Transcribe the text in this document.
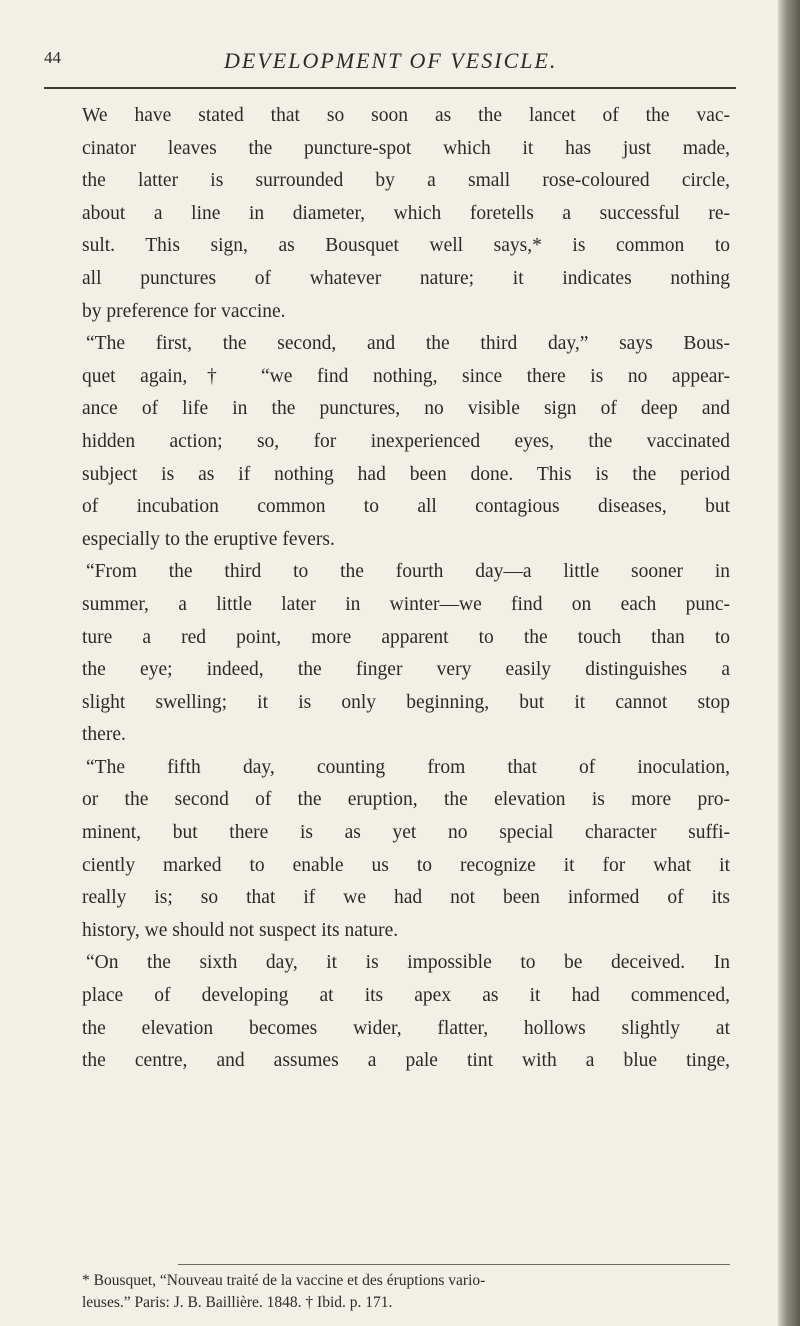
44	DEVELOPMENT OF VESICLE.
We have stated that so soon as the lancet of the vac-
cinator leaves the puncture-spot which it has just made,
the latter is surrounded by a small rose-coloured circle,
about a line in diameter, which foretells a successful re-
sult. This sign, as Bousquet well says,* is common to
all punctures of whatever nature; it indicates nothing
by preference for vaccine.
“The first, the second, and the third day,” says Bous-
quet again,† “we find nothing, since there is no appear-
ance of life in the punctures, no visible sign of deep and
hidden action; so, for inexperienced eyes, the vaccinated
subject is as if nothing had been done. This is the period
of incubation common to all contagious diseases, but
especially to the eruptive fevers.
“From the third to the fourth day—a little sooner in
summer, a little later in winter—we find on each punc-
ture a red point, more apparent to the touch than to
the eye; indeed, the finger very easily distinguishes a
slight swelling; it is only beginning, but it cannot stop
there.
“The fifth day, counting from that of inoculation,
or the second of the eruption, the elevation is more pro-
minent, but there is as yet no special character suffi-
ciently marked to enable us to recognize it for what it
really is; so that if we had not been informed of its
history, we should not suspect its nature.
“On the sixth day, it is impossible to be deceived. In
place of developing at its apex as it had commenced,
the elevation becomes wider, flatter, hollows slightly at
the centre, and assumes a pale tint with a blue tinge,
* Bousquet, “Nouveau traité de la vaccine et des éruptions vario-
leuses.” Paris: J. B. Baillière. 1848. † Ibid. p. 171.
